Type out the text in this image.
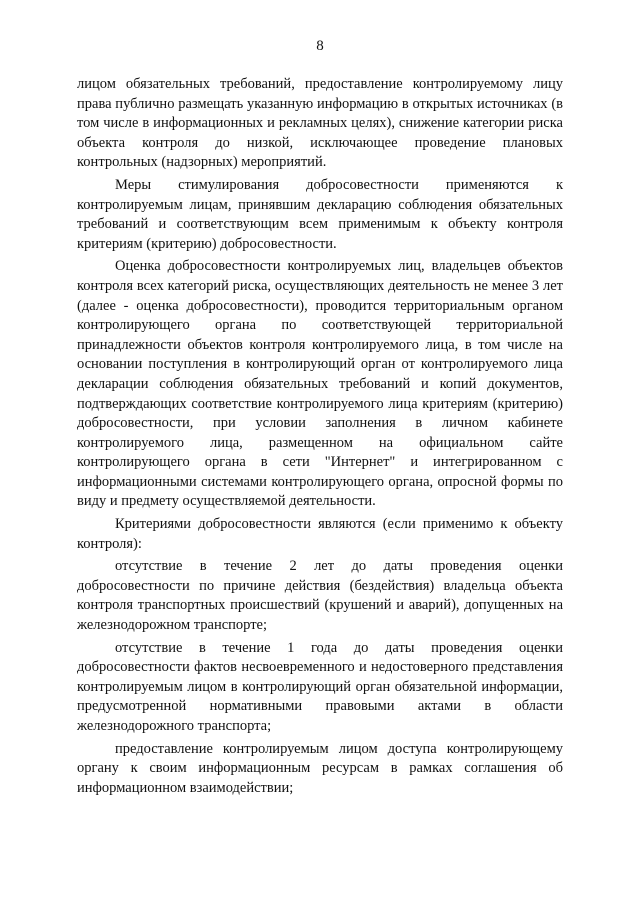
8

лицом обязательных требований, предоставление контролируемому лицу права публично размещать указанную информацию в открытых источниках (в том числе в информационных и рекламных целях), снижение категории риска объекта контроля до низкой, исключающее проведение плановых контрольных (надзорных) мероприятий.

Меры стимулирования добросовестности применяются к контролируемым лицам, принявшим декларацию соблюдения обязательных требований и соответствующим всем применимым к объекту контроля критериям (критерию) добросовестности.

Оценка добросовестности контролируемых лиц, владельцев объектов контроля всех категорий риска, осуществляющих деятельность не менее 3 лет (далее - оценка добросовестности), проводится территориальным органом контролирующего органа по соответствующей территориальной принадлежности объектов контроля контролируемого лица, в том числе на основании поступления в контролирующий орган от контролируемого лица декларации соблюдения обязательных требований и копий документов, подтверждающих соответствие контролируемого лица критериям (критерию) добросовестности, при условии заполнения в личном кабинете контролируемого лица, размещенном на официальном сайте контролирующего органа в сети "Интернет" и интегрированном с информационными системами контролирующего органа, опросной формы по виду и предмету осуществляемой деятельности.

Критериями добросовестности являются (если применимо к объекту контроля):

отсутствие в течение 2 лет до даты проведения оценки добросовестности по причине действия (бездействия) владельца объекта контроля транспортных происшествий (крушений и аварий), допущенных на железнодорожном транспорте;

отсутствие в течение 1 года до даты проведения оценки добросовестности фактов несвоевременного и недостоверного представления контролируемым лицом в контролирующий орган обязательной информации, предусмотренной нормативными правовыми актами в области железнодорожного транспорта;

предоставление контролируемым лицом доступа контролирующему органу к своим информационным ресурсам в рамках соглашения об информационном взаимодействии;
